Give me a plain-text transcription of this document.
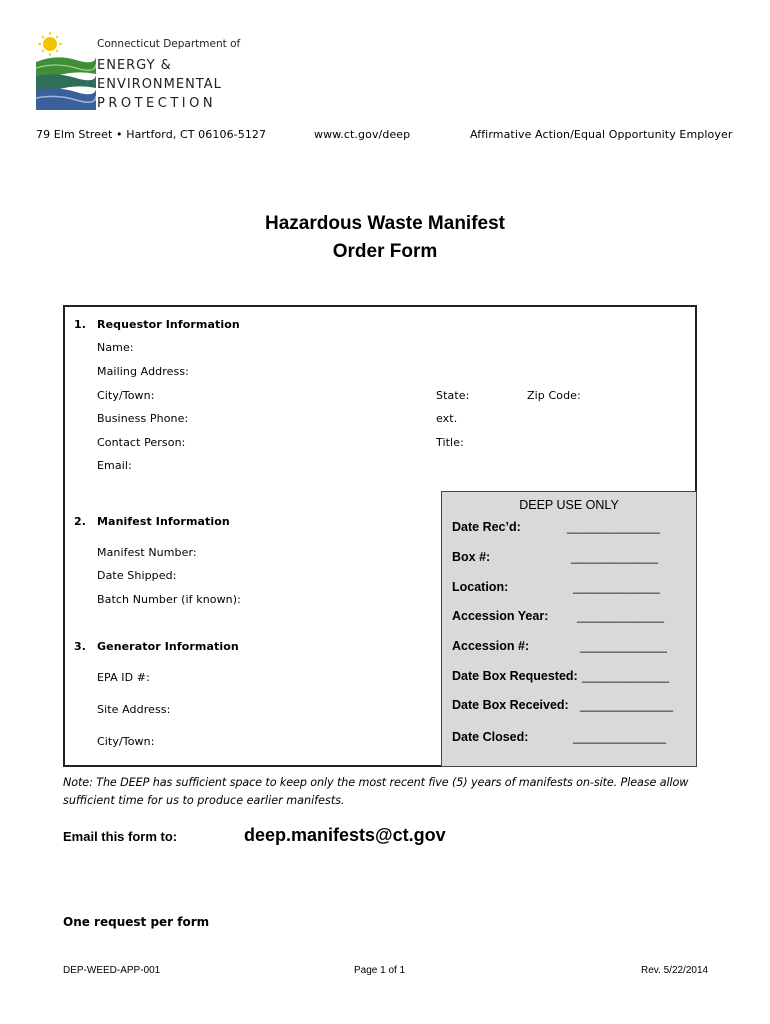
Connecticut Department of
ENERGY &
ENVIRONMENTAL
PROTECTION
79 Elm Street • Hartford, CT 06106-5127	www.ct.gov/deep	Affirmative Action/Equal Opportunity Employer
Hazardous Waste Manifest
Order Form
1. Requestor Information
Name:
Mailing Address:
City/Town:	State:	Zip Code:
Business Phone:	ext.
Contact Person:	Title:
Email:
2. Manifest Information
Manifest Number:
Date Shipped:
Batch Number (if known):
3. Generator Information
EPA ID #:
Site Address:
City/Town:
DEEP USE ONLY
Date Rec’d:	_______________
Box #:	______________
Location:	______________
Accession Year: ______________
Accession #:	______________
Date Box Requested: ______________
Date Box Received: _______________
Date Closed:	_______________
Note: The DEEP has sufficient space to keep only the most recent five (5) years of manifests on-site. Please allow
sufficient time for us to produce earlier manifests.
Email this form to:	deep.manifests@ct.gov
One request per form
DEP-WEED-APP-001	Page 1 of 1	Rev. 5/22/2014
